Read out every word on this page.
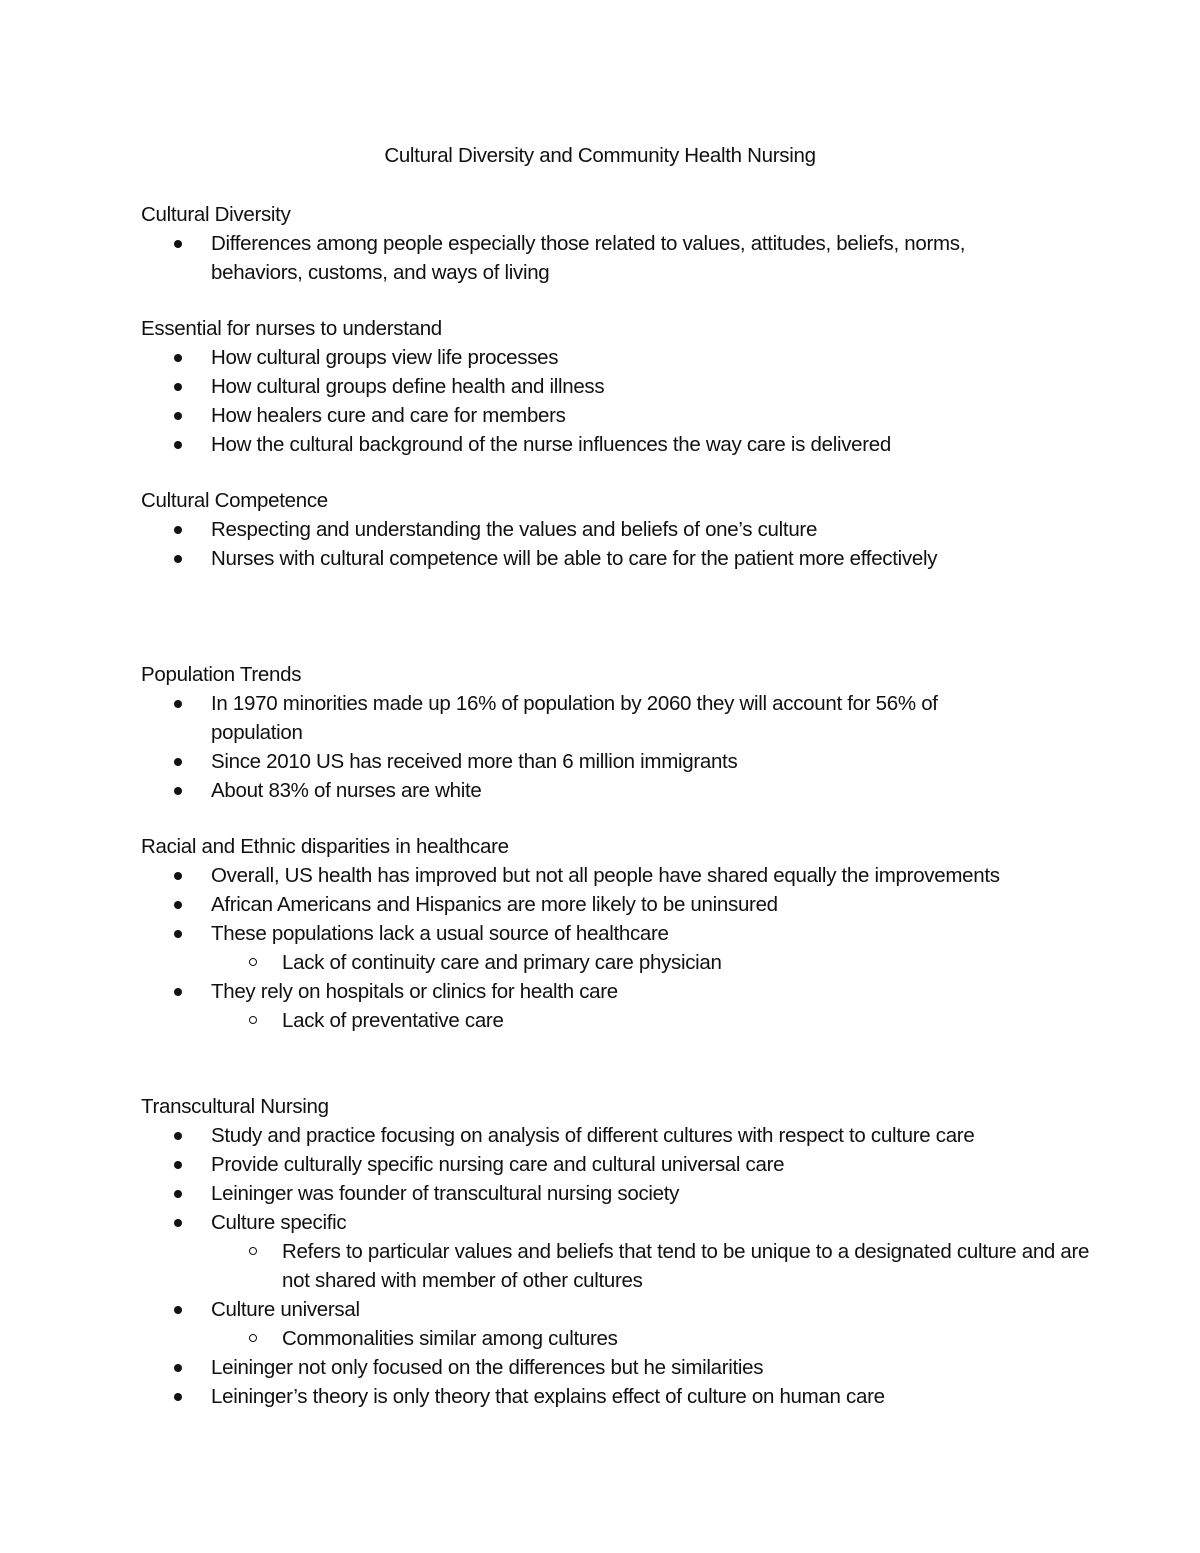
Cultural Diversity and Community Health Nursing
Cultural Diversity
Differences among people especially those related to values, attitudes, beliefs, norms, behaviors, customs, and ways of living
Essential for nurses to understand
How cultural groups view life processes
How cultural groups define health and illness
How healers cure and care for members
How the cultural background of the nurse influences the way care is delivered
Cultural Competence
Respecting and understanding the values and beliefs of one’s culture
Nurses with cultural competence will be able to care for the patient more effectively
Population Trends
In 1970 minorities made up 16% of population by 2060 they will account for 56% of population
Since 2010 US has received more than 6 million immigrants
About 83% of nurses are white
Racial and Ethnic disparities in healthcare
Overall, US health has improved but not all people have shared equally the improvements
African Americans and Hispanics are more likely to be uninsured
These populations lack a usual source of healthcare
Lack of continuity care and primary care physician
They rely on hospitals or clinics for health care
Lack of preventative care
Transcultural Nursing
Study and practice focusing on analysis of different cultures with respect to culture care
Provide culturally specific nursing care and cultural universal care
Leininger was founder of transcultural nursing society
Culture specific
Refers to particular values and beliefs that tend to be unique to a designated culture and are not shared with member of other cultures
Culture universal
Commonalities similar among cultures
Leininger not only focused on the differences but he similarities
Leininger’s theory is only theory that explains effect of culture on human care
